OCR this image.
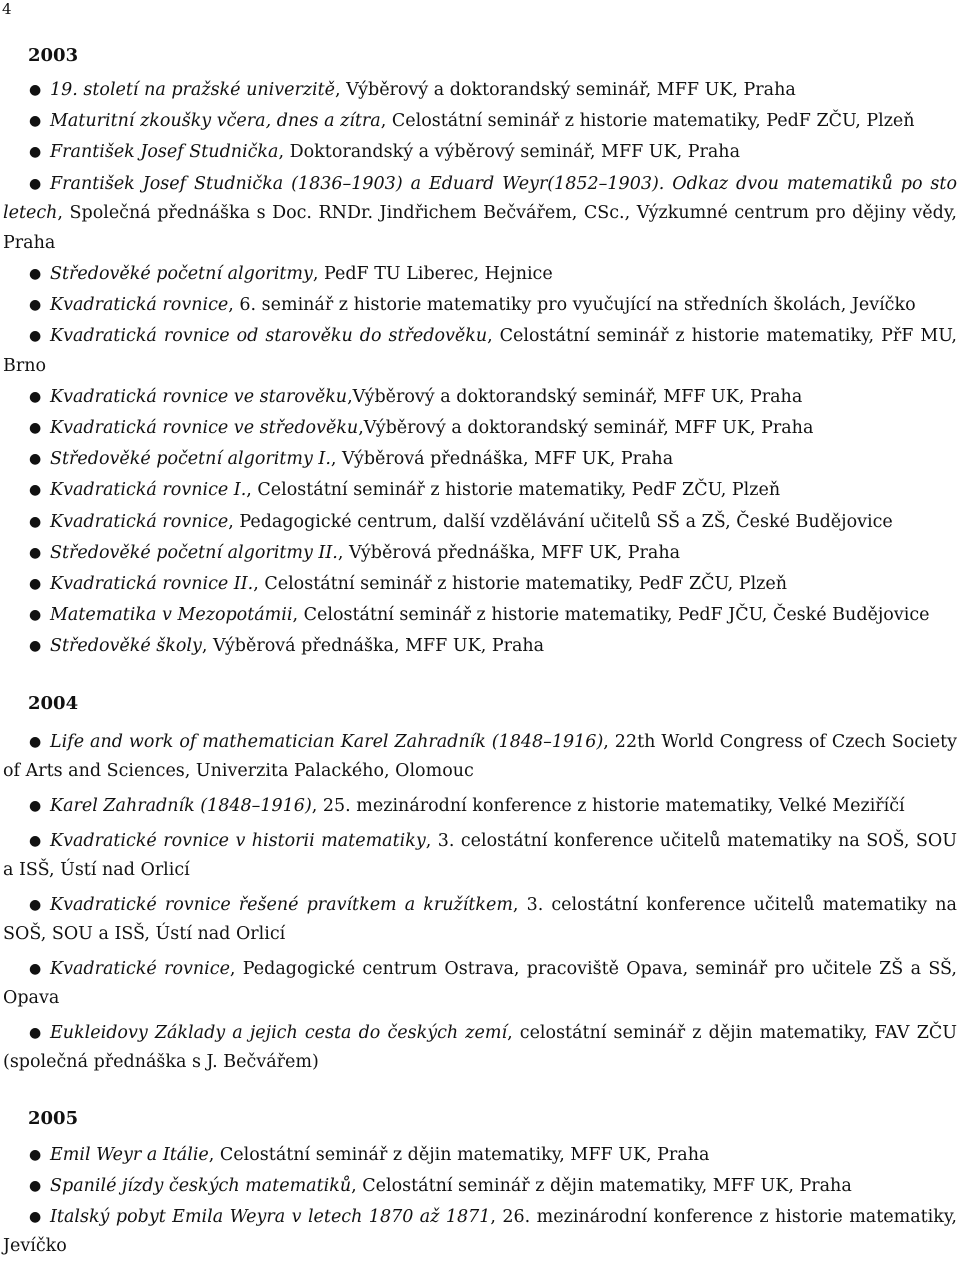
4
2003
● 19. století na pražské univerzitě, Výběrový a doktorandský seminář, MFF UK, Praha
● Maturitní zkoušky včera, dnes a zítra, Celostátní seminář z historie matematiky, PedF ZČU, Plzeň
● František Josef Studnička, Doktorandský a výběrový seminář, MFF UK, Praha
● František Josef Studnička (1836–1903) a Eduard Weyr(1852–1903). Odkaz dvou matematiků po sto letech, Společná přednáška s Doc. RNDr. Jindřichem Bečvářem, CSc., Výzkumné centrum pro dějiny vědy, Praha
● Středověké početní algoritmy, PedF TU Liberec, Hejnice
● Kvadratická rovnice, 6. seminář z historie matematiky pro vyučující na středních školách, Jevíčko
● Kvadratická rovnice od starověku do středověku, Celostátní seminář z historie matematiky, PřF MU, Brno
● Kvadratická rovnice ve starověku,Výběrový a doktorandský seminář, MFF UK, Praha
● Kvadratická rovnice ve středověku,Výběrový a doktorandský seminář, MFF UK, Praha
● Středověké početní algoritmy I., Výběrová přednáška, MFF UK, Praha
● Kvadratická rovnice I., Celostátní seminář z historie matematiky, PedF ZČU, Plzeň
● Kvadratická rovnice, Pedagogické centrum, další vzdělávání učitelů SŠ a ZŠ, České Budějovice
● Středověké početní algoritmy II., Výběrová přednáška, MFF UK, Praha
● Kvadratická rovnice II., Celostátní seminář z historie matematiky, PedF ZČU, Plzeň
● Matematika v Mezopotámii, Celostátní seminář z historie matematiky, PedF JČU, České Budějovice
● Středověké školy, Výběrová přednáška, MFF UK, Praha
2004
● Life and work of mathematician Karel Zahradník (1848–1916), 22th World Congress of Czech Society of Arts and Sciences, Univerzita Palackého, Olomouc
● Karel Zahradník (1848–1916), 25. mezinárodní konference z historie matematiky, Velké Meziříčí
● Kvadratické rovnice v historii matematiky, 3. celostátní konference učitelů matematiky na SOŠ, SOU a ISŠ, Ústí nad Orlicí
● Kvadratické rovnice řešené pravítkem a kružítkem, 3. celostátní konference učitelů matematiky na SOŠ, SOU a ISŠ, Ústí nad Orlicí
● Kvadratické rovnice, Pedagogické centrum Ostrava, pracoviště Opava, seminář pro učitele ZŠ a SŠ, Opava
● Eukleidovy Základy a jejich cesta do českých zemí, celostátní seminář z dějin matematiky, FAV ZČU (společná přednáška s J. Bečvářem)
2005
● Emil Weyr a Itálie, Celostátní seminář z dějin matematiky, MFF UK, Praha
● Spanilé jízdy českých matematiků, Celostátní seminář z dějin matematiky, MFF UK, Praha
● Italský pobyt Emila Weyra v letech 1870 až 1871, 26. mezinárodní konference z historie matematiky, Jevíčko
